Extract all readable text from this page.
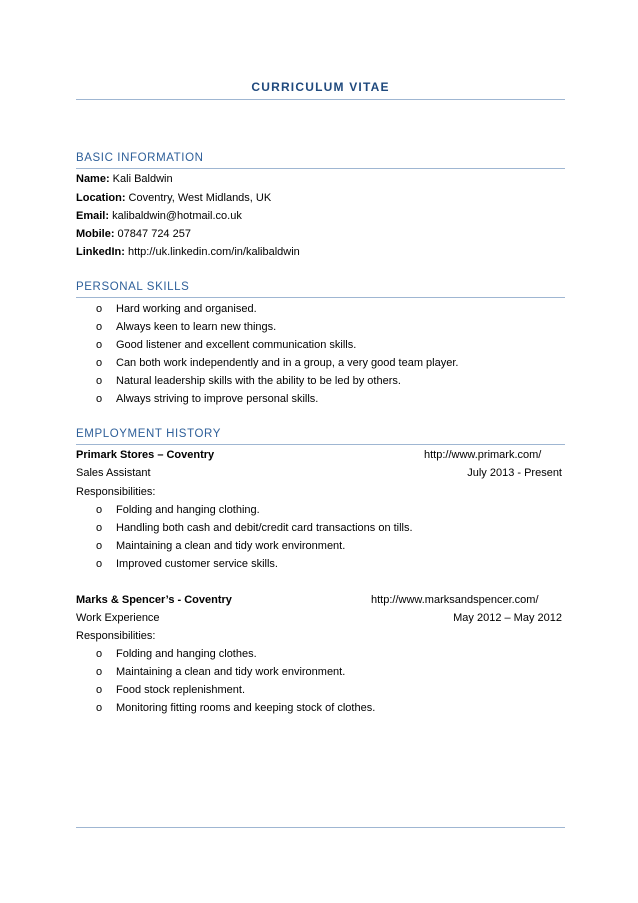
CURRICULUM VITAE
BASIC INFORMATION
Name: Kali Baldwin
Location: Coventry, West Midlands, UK
Email: kalibaldwin@hotmail.co.uk
Mobile: 07847 724 257
LinkedIn: http://uk.linkedin.com/in/kalibaldwin
PERSONAL SKILLS
o Hard working and organised.
o Always keen to learn new things.
o Good listener and excellent communication skills.
o Can both work independently and in a group, a very good team player.
o Natural leadership skills with the ability to be led by others.
o Always striving to improve personal skills.
EMPLOYMENT HISTORY
Primark Stores – Coventry	http://www.primark.com/
Sales Assistant	July 2013 - Present
Responsibilities:
o Folding and hanging clothing.
o Handling both cash and debit/credit card transactions on tills.
o Maintaining a clean and tidy work environment.
o Improved customer service skills.
Marks & Spencer’s - Coventry	http://www.marksandspencer.com/
Work Experience	May 2012 – May 2012
Responsibilities:
o Folding and hanging clothes.
o Maintaining a clean and tidy work environment.
o Food stock replenishment.
o Monitoring fitting rooms and keeping stock of clothes.
